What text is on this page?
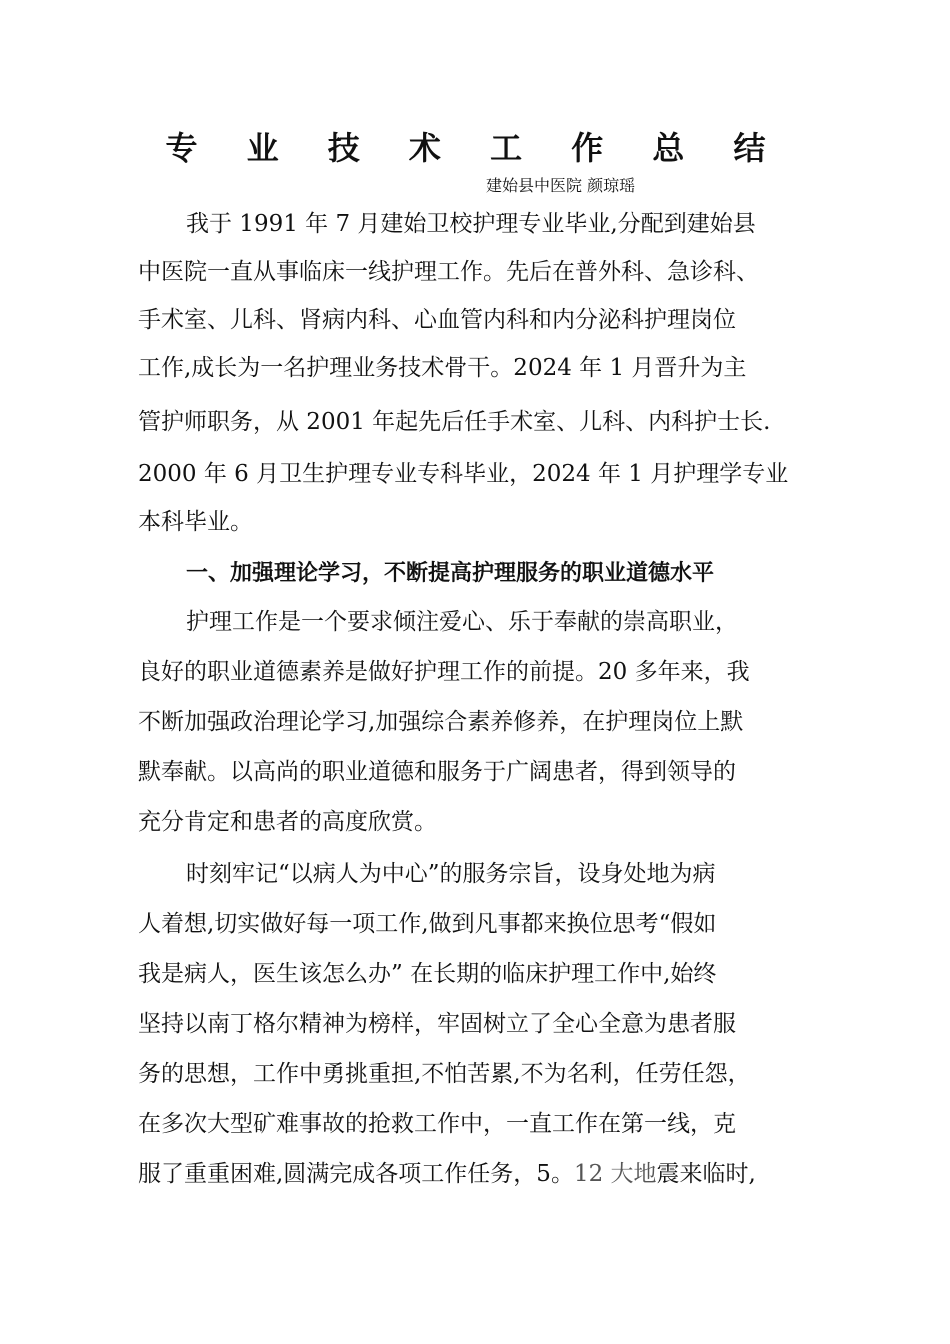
专 业 技 术 工 作 总 结
建始县中医院 颜琼瑶
我于 1991 年 7 月建始卫校护理专业毕业,分配到建始县
中医院一直从事临床一线护理工作。先后在普外科、急诊科、
手术室、儿科、肾病内科、心血管内科和内分泌科护理岗位
工作,成长为一名护理业务技术骨干。2024 年 1 月晋升为主
管护师职务，从 2001 年起先后任手术室、儿科、内科护士长.
2000 年 6 月卫生护理专业专科毕业，2024 年 1 月护理学专业
本科毕业。
一、加强理论学习，不断提高护理服务的职业道德水平
护理工作是一个要求倾注爱心、乐于奉献的崇高职业，
良好的职业道德素养是做好护理工作的前提。20 多年来，我
不断加强政治理论学习,加强综合素养修养，在护理岗位上默
默奉献。以高尚的职业道德和服务于广阔患者，得到领导的
充分肯定和患者的高度欣赏。
时刻牢记“以病人为中心”的服务宗旨，设身处地为病
人着想,切实做好每一项工作,做到凡事都来换位思考“假如
我是病人，医生该怎么办” 在长期的临床护理工作中,始终
坚持以南丁格尔精神为榜样，牢固树立了全心全意为患者服
务的思想，工作中勇挑重担,不怕苦累,不为名利，任劳任怨，
在多次大型矿难事故的抢救工作中，一直工作在第一线，克
服了重重困难,圆满完成各项工作任务，5。12 大地震来临时,
